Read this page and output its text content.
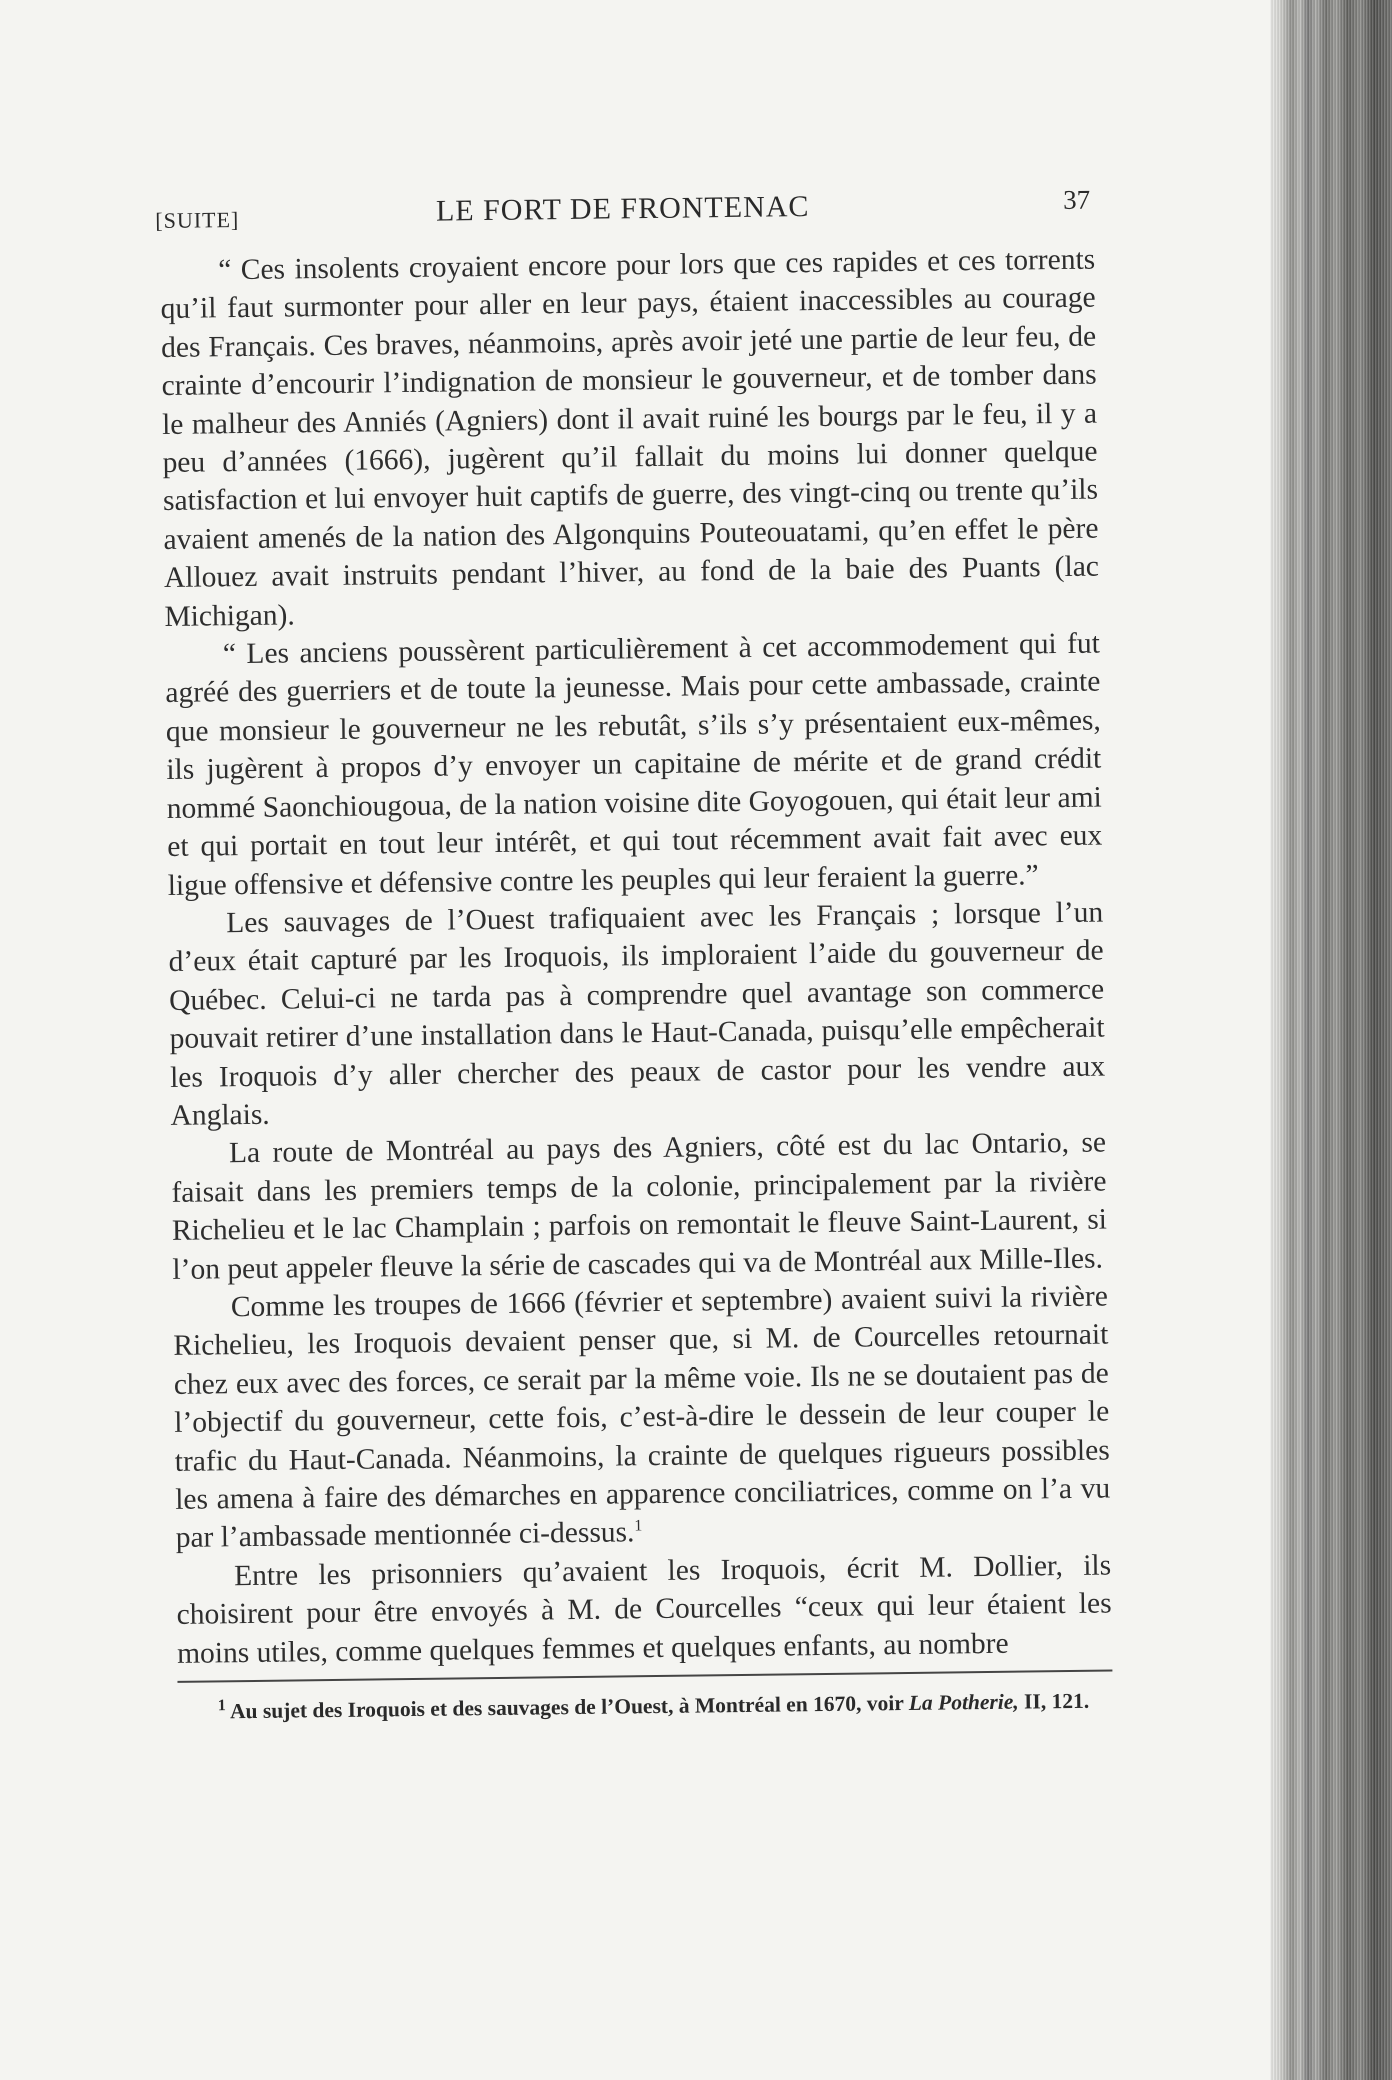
[SUITE]	LE FORT DE FRONTENAC	37

“ Ces insolents croyaient encore pour lors que ces rapides et ces torrents qu’il faut surmonter pour aller en leur pays, étaient inaccessibles au courage des Français. Ces braves, néanmoins, après avoir jeté une partie de leur feu, de crainte d’encourir l’indignation de monsieur le gouverneur, et de tomber dans le malheur des Anniés (Agniers) dont il avait ruiné les bourgs par le feu, il y a peu d’années (1666), jugèrent qu’il fallait du moins lui donner quelque satisfaction et lui envoyer huit captifs de guerre, des vingt-cinq ou trente qu’ils avaient amenés de la nation des Algonquins Pouteouatami, qu’en effet le père Allouez avait instruits pendant l’hiver, au fond de la baie des Puants (lac Michigan).

“ Les anciens poussèrent particulièrement à cet accommodement qui fut agréé des guerriers et de toute la jeunesse. Mais pour cette ambassade, crainte que monsieur le gouverneur ne les rebutât, s’ils s’y présentaient eux-mêmes, ils jugèrent à propos d’y envoyer un capitaine de mérite et de grand crédit nommé Saonchiougoua, de la nation voisine dite Goyogouen, qui était leur ami et qui portait en tout leur intérêt, et qui tout récemment avait fait avec eux ligue offensive et défensive contre les peuples qui leur feraient la guerre.”

Les sauvages de l’Ouest trafiquaient avec les Français ; lorsque l’un d’eux était capturé par les Iroquois, ils imploraient l’aide du gouverneur de Québec. Celui-ci ne tarda pas à comprendre quel avantage son commerce pouvait retirer d’une installation dans le Haut-Canada, puisqu’elle empêcherait les Iroquois d’y aller chercher des peaux de castor pour les vendre aux Anglais.

La route de Montréal au pays des Agniers, côté est du lac Ontario, se faisait dans les premiers temps de la colonie, principalement par la rivière Richelieu et le lac Champlain ; parfois on remontait le fleuve Saint-Laurent, si l’on peut appeler fleuve la série de cascades qui va de Montréal aux Mille-Iles.

Comme les troupes de 1666 (février et septembre) avaient suivi la rivière Richelieu, les Iroquois devaient penser que, si M. de Courcelles retournait chez eux avec des forces, ce serait par la même voie. Ils ne se doutaient pas de l’objectif du gouverneur, cette fois, c’est-à-dire le dessein de leur couper le trafic du Haut-Canada. Néanmoins, la crainte de quelques rigueurs possibles les amena à faire des démarches en apparence conciliatrices, comme on l’a vu par l’ambassade mentionnée ci-dessus.$^1$

Entre les prisonniers qu’avaient les Iroquois, écrit M. Dollier, ils choisirent pour être envoyés à M. de Courcelles “ceux qui leur étaient les moins utiles, comme quelques femmes et quelques enfants, au nombre

$^1$ Au sujet des Iroquois et des sauvages de l’Ouest, à Montréal en 1670, voir La Potherie, II, 121.
